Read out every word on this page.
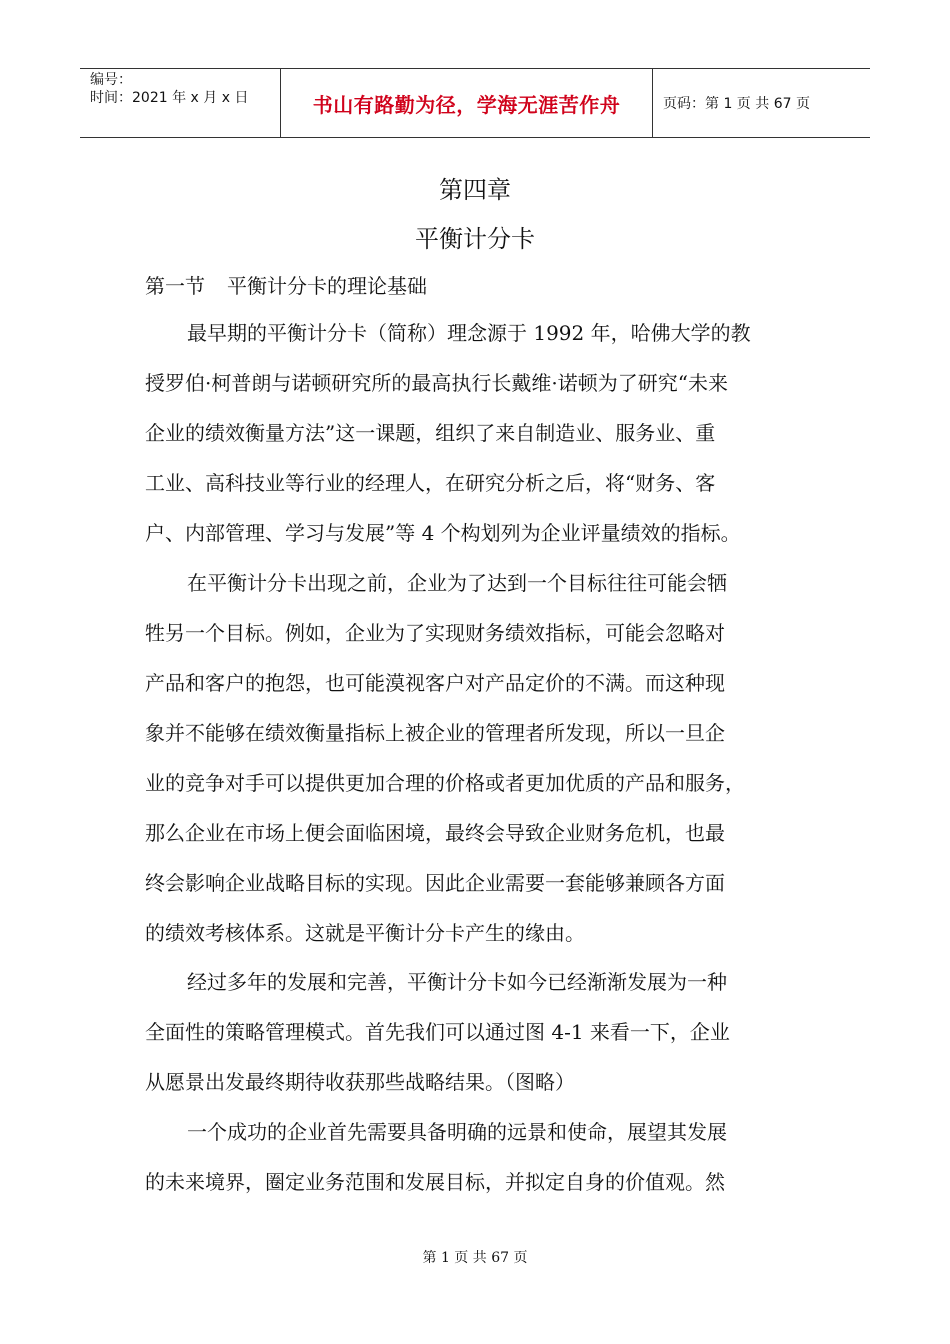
编号：
时间：2021 年 x 月 x 日	书山有路勤为径，学海无涯苦作舟	页码：第 1 页 共 67 页
第四章
平衡计分卡
第一节 平衡计分卡的理论基础
最早期的平衡计分卡（简称）理念源于 1992 年，哈佛大学的教
授罗伯·柯普朗与诺顿研究所的最高执行长戴维·诺顿为了研究“未来
企业的绩效衡量方法”这一课题，组织了来自制造业、服务业、重
工业、高科技业等行业的经理人，在研究分析之后，将“财务、客
户、内部管理、学习与发展”等 4 个构划列为企业评量绩效的指标。
在平衡计分卡出现之前，企业为了达到一个目标往往可能会牺
牲另一个目标。例如，企业为了实现财务绩效指标，可能会忽略对
产品和客户的抱怨，也可能漠视客户对产品定价的不满。而这种现
象并不能够在绩效衡量指标上被企业的管理者所发现，所以一旦企
业的竞争对手可以提供更加合理的价格或者更加优质的产品和服务，
那么企业在市场上便会面临困境，最终会导致企业财务危机，也最
终会影响企业战略目标的实现。因此企业需要一套能够兼顾各方面
的绩效考核体系。这就是平衡计分卡产生的缘由。
经过多年的发展和完善，平衡计分卡如今已经渐渐发展为一种
全面性的策略管理模式。首先我们可以通过图 4-1 来看一下，企业
从愿景出发最终期待收获那些战略结果。（图略）
一个成功的企业首先需要具备明确的远景和使命，展望其发展
的未来境界，圈定业务范围和发展目标，并拟定自身的价值观。然
第 1 页 共 67 页
